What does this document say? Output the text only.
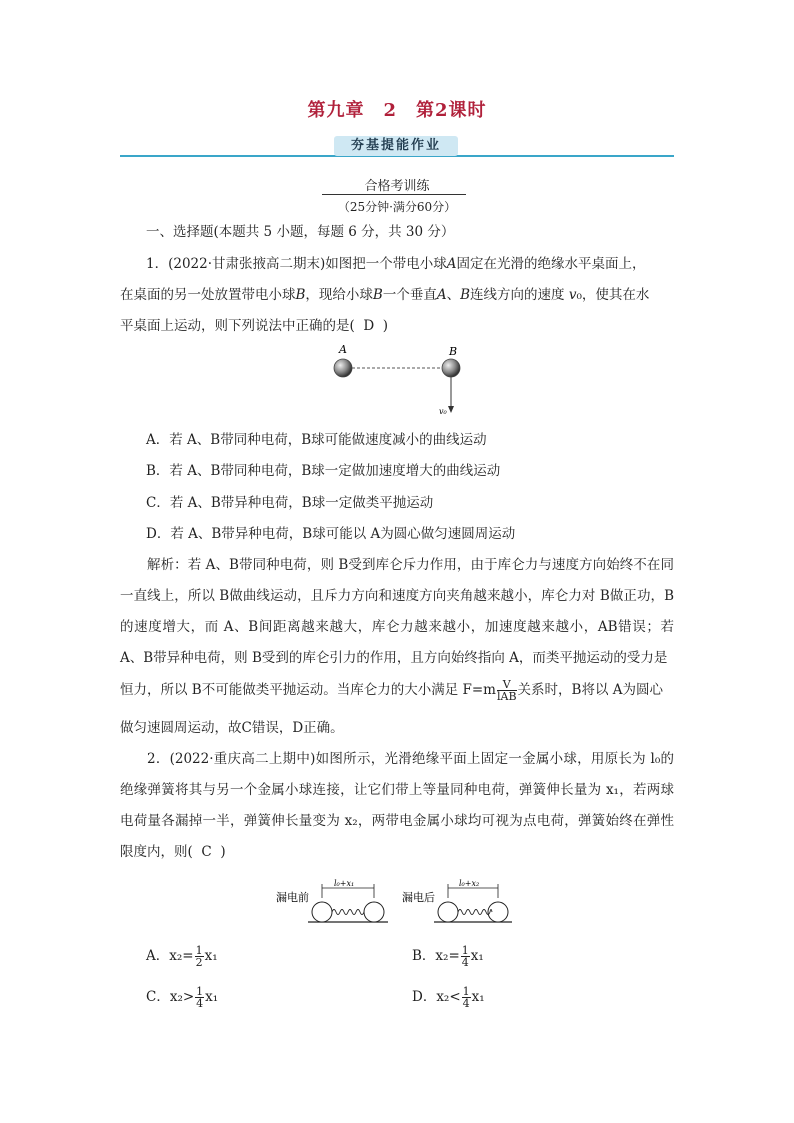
第九章　2　第2课时
夯基提能作业
合格考训练
（25分钟·满分60分）
一、选择题(本题共 5 小题，每题 6 分，共 30 分）
1．(2022·甘肃张掖高二期末)如图把一个带电小球A固定在光滑的绝缘水平桌面上，
在桌面的另一处放置带电小球B，现给小球B一个垂直A、B连线方向的速度 v₀，使其在水
平桌面上运动，则下列说法中正确的是( D )
A	B
v₀
A．若 A、B带同种电荷，B球可能做速度减小的曲线运动
B．若 A、B带同种电荷，B球一定做加速度增大的曲线运动
C．若 A、B带异种电荷，B球一定做类平抛运动
D．若 A、B带异种电荷，B球可能以 A为圆心做匀速圆周运动
解析：若 A、B带同种电荷，则 B受到库仑斥力作用，由于库仑力与速度方向始终不在同一直线上，所以 B做曲线运动，且斥力方向和速度方向夹角越来越小，库仑力对 B做正功，B的速度增大，而 A、B间距离越来越大，库仑力越来越小，加速度越来越小，AB错误；若 A、B带异种电荷，则 B受到的库仑引力的作用，且方向始终指向 A，而类平抛运动的受力是
恒力，所以 B不可能做类平抛运动。当库仑力的大小满足 $F=m \frac{V}{\text{lAB}}$ 关系时，B将以 A为圆心
做匀速圆周运动，故C错误，D正确。
2．(2022·重庆高二上期中)如图所示，光滑绝缘平面上固定一金属小球，用原长为 l₀的绝缘弹簧将其与另一个金属小球连接，让它们带上等量同种电荷，弹簧伸长量为 x₁，若两球电荷量各漏掉一半，弹簧伸长量变为 x₂，两带电金属小球均可视为点电荷，弹簧始终在弹性限度内，则( C )
漏电前
l₀+x₁
漏电后
l₀+x₂
A．$x_2= \frac{1}{2} x_1$	B．$x_2= \frac{1}{4} x_1$
C．$x_2> \frac{1}{4} x_1$	D．$x_2< \frac{1}{4} x_1$
